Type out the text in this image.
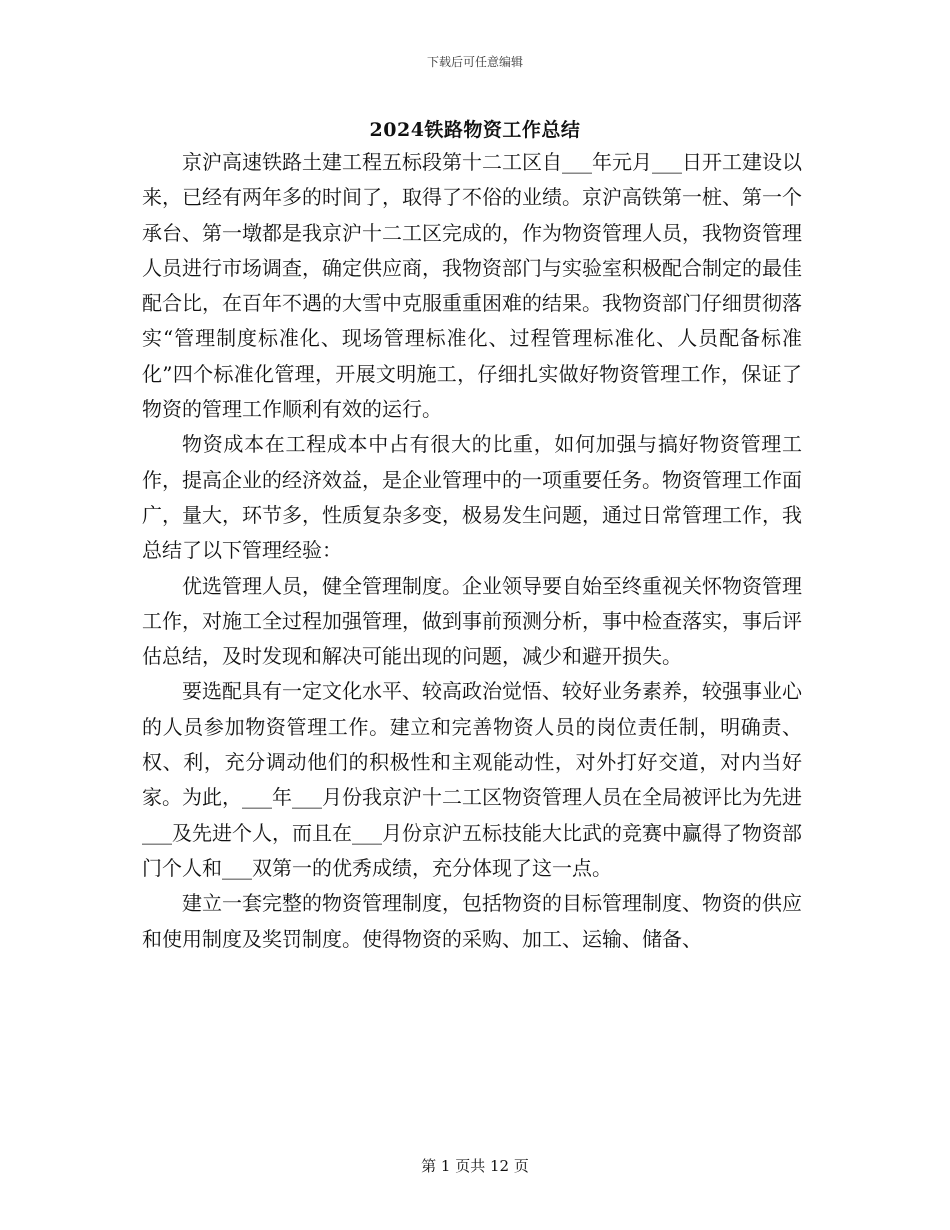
下载后可任意编辑
2024铁路物资工作总结

京沪高速铁路土建工程五标段第十二工区自___年元月___日开工建设以来，已经有两年多的时间了，取得了不俗的业绩。京沪高铁第一桩、第一个承台、第一墩都是我京沪十二工区完成的，作为物资管理人员，我物资管理人员进行市场调查，确定供应商，我物资部门与实验室积极配合制定的最佳配合比，在百年不遇的大雪中克服重重困难的结果。我物资部门仔细贯彻落实“管理制度标准化、现场管理标准化、过程管理标准化、人员配备标准化”四个标准化管理，开展文明施工，仔细扎实做好物资管理工作，保证了物资的管理工作顺利有效的运行。

物资成本在工程成本中占有很大的比重，如何加强与搞好物资管理工作，提高企业的经济效益，是企业管理中的一项重要任务。物资管理工作面广，量大，环节多，性质复杂多变，极易发生问题，通过日常管理工作，我总结了以下管理经验：

优选管理人员，健全管理制度。企业领导要自始至终重视关怀物资管理工作，对施工全过程加强管理，做到事前预测分析，事中检查落实，事后评估总结，及时发现和解决可能出现的问题，减少和避开损失。

要选配具有一定文化水平、较高政治觉悟、较好业务素养，较强事业心的人员参加物资管理工作。建立和完善物资人员的岗位责任制，明确责、权、利，充分调动他们的积极性和主观能动性，对外打好交道，对内当好家。为此，___年___月份我京沪十二工区物资管理人员在全局被评比为先进___及先进个人，而且在___月份京沪五标技能大比武的竞赛中赢得了物资部门个人和___双第一的优秀成绩，充分体现了这一点。

建立一套完整的物资管理制度，包括物资的目标管理制度、物资的供应和使用制度及奖罚制度。使得物资的采购、加工、运输、储备、

第 1 页共 12 页
